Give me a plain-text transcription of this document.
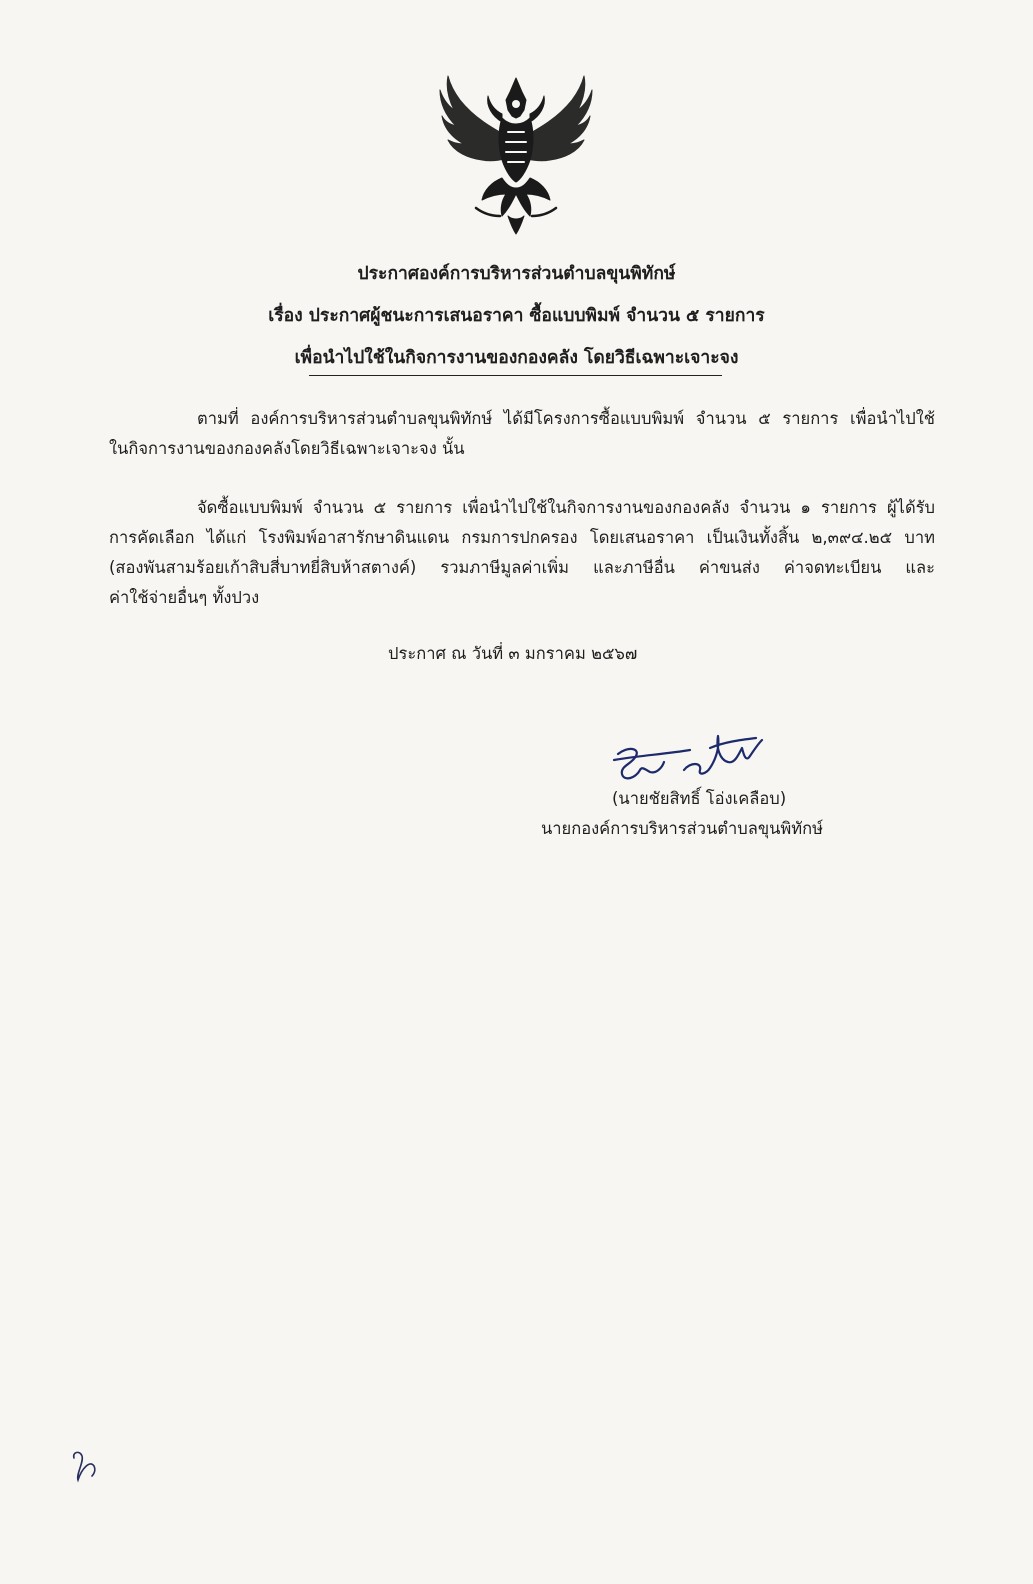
ประกาศองค์การบริหารส่วนตำบลขุนพิทักษ์
เรื่อง ประกาศผู้ชนะการเสนอราคา ซื้อแบบพิมพ์ จำนวน ๕ รายการ
เพื่อนำไปใช้ในกิจการงานของกองคลัง โดยวิธีเฉพาะเจาะจง
ตามที่ องค์การบริหารส่วนตำบลขุนพิทักษ์ ได้มีโครงการซื้อแบบพิมพ์ จำนวน ๕ รายการ เพื่อนำไปใช้
ในกิจการงานของกองคลังโดยวิธีเฉพาะเจาะจง นั้น
จัดซื้อแบบพิมพ์ จำนวน ๕ รายการ เพื่อนำไปใช้ในกิจการงานของกองคลัง จำนวน ๑ รายการ ผู้ได้รับ
การคัดเลือก ได้แก่ โรงพิมพ์อาสารักษาดินแดน กรมการปกครอง โดยเสนอราคา เป็นเงินทั้งสิ้น ๒,๓๙๔.๒๕ บาท
(สองพันสามร้อยเก้าสิบสี่บาทยี่สิบห้าสตางค์) รวมภาษีมูลค่าเพิ่ม และภาษีอื่น ค่าขนส่ง ค่าจดทะเบียน และ
ค่าใช้จ่ายอื่นๆ ทั้งปวง
ประกาศ ณ วันที่ ๓ มกราคม ๒๕๖๗
(นายชัยสิทธิ์ โอ่งเคลือบ)
นายกองค์การบริหารส่วนตำบลขุนพิทักษ์
